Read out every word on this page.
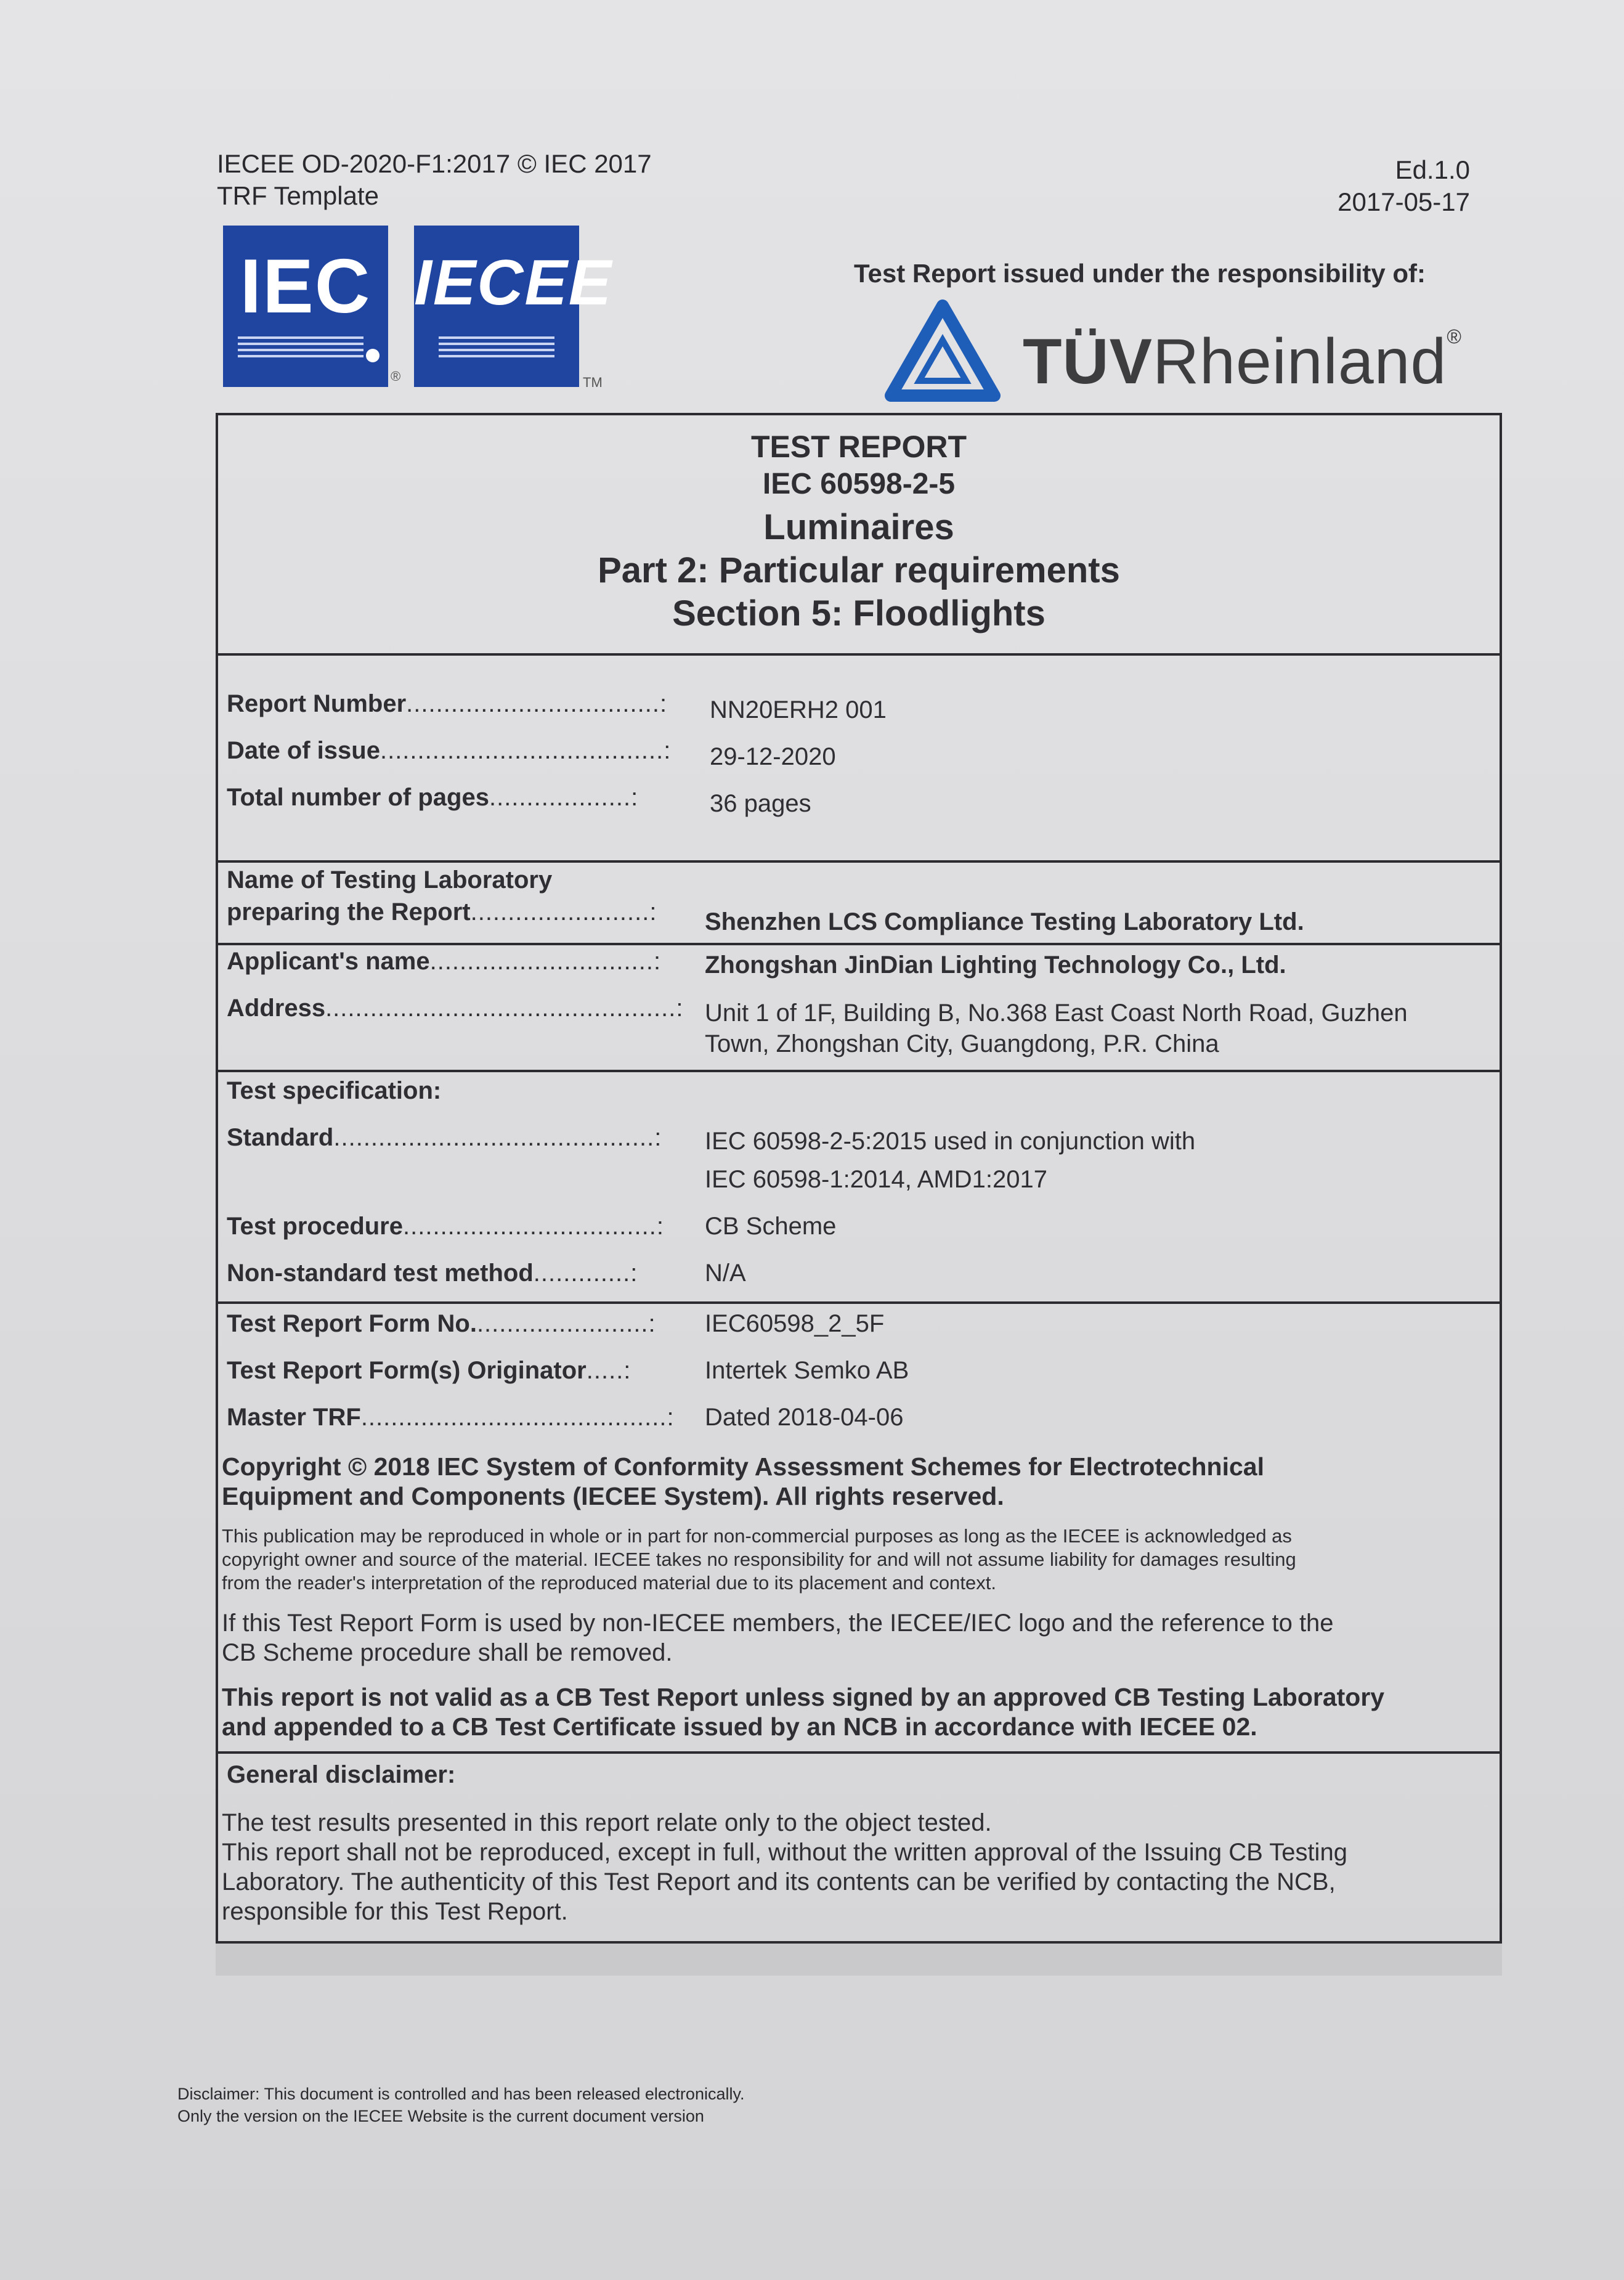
IECEE OD-2020-F1:2017 © IEC 2017
TRF Template
Ed.1.0
2017-05-17
IEC
®
IECEE
TM
Test Report issued under the responsibility of:
TÜVRheinland®
TEST REPORT
IEC 60598-2-5
Luminaires
Part 2: Particular requirements
Section 5: Floodlights
Report Number..................................: NN20ERH2 001
Date of issue......................................: 29-12-2020
Total number of pages...................:	36 pages
Name of Testing Laboratory
preparing the Report........................: Shenzhen LCS Compliance Testing Laboratory Ltd.
Applicant's name..............................: Zhongshan JinDian Lighting Technology Co., Ltd.
Address...............................................: Unit 1 of 1F, Building B, No.368 East Coast North Road, Guzhen
Town, Zhongshan City, Guangdong, P.R. China
Test specification:
Standard...........................................: IEC 60598-2-5:2015 used in conjunction with
IEC 60598-1:2014, AMD1:2017
Test procedure..................................: CB Scheme
Non-standard test method.............:	N/A
Test Report Form No........................: IEC60598_2_5F
Test Report Form(s) Originator.....:	Intertek Semko AB
Master TRF.........................................: Dated 2018-04-06
Copyright © 2018 IEC System of Conformity Assessment Schemes for Electrotechnical
Equipment and Components (IECEE System). All rights reserved.
This publication may be reproduced in whole or in part for non-commercial purposes as long as the IECEE is acknowledged as
copyright owner and source of the material. IECEE takes no responsibility for and will not assume liability for damages resulting
from the reader's interpretation of the reproduced material due to its placement and context.
If this Test Report Form is used by non-IECEE members, the IECEE/IEC logo and the reference to the
CB Scheme procedure shall be removed.
This report is not valid as a CB Test Report unless signed by an approved CB Testing Laboratory
and appended to a CB Test Certificate issued by an NCB in accordance with IECEE 02.
General disclaimer:
The test results presented in this report relate only to the object tested.
This report shall not be reproduced, except in full, without the written approval of the Issuing CB Testing
Laboratory. The authenticity of this Test Report and its contents can be verified by contacting the NCB,
responsible for this Test Report.
Disclaimer: This document is controlled and has been released electronically.
Only the version on the IECEE Website is the current document version
